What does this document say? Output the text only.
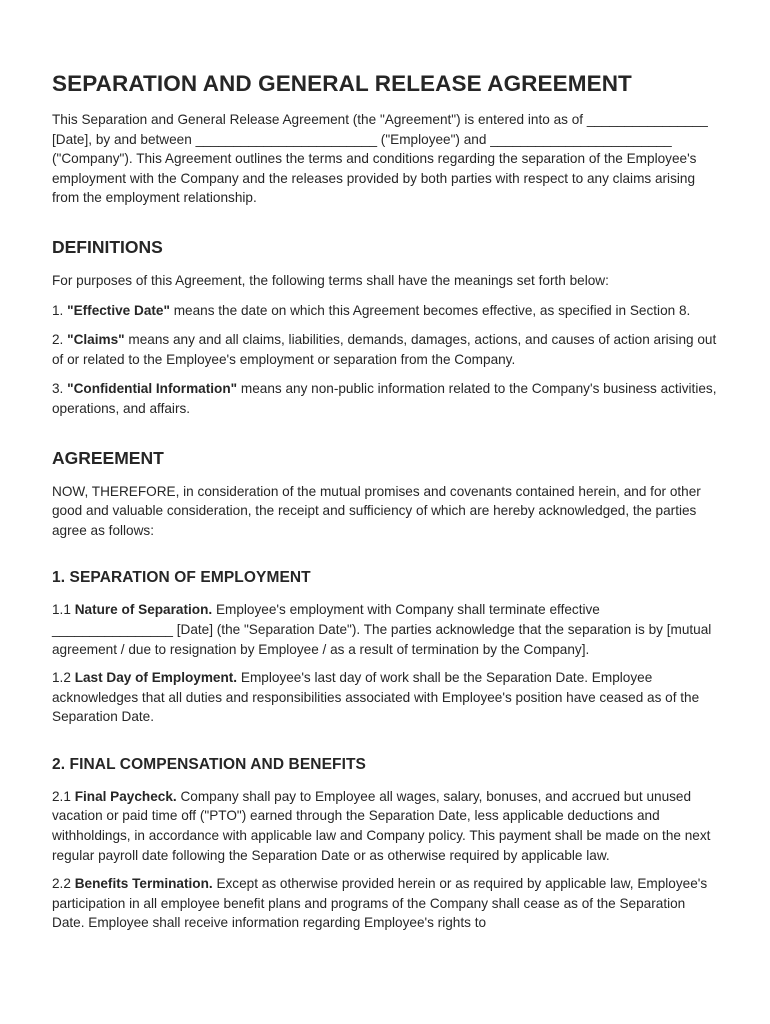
SEPARATION AND GENERAL RELEASE AGREEMENT

This Separation and General Release Agreement (the "Agreement") is entered into as of ________________ [Date], by and between ________________________ ("Employee") and ________________________ ("Company"). This Agreement outlines the terms and conditions regarding the separation of the Employee's employment with the Company and the releases provided by both parties with respect to any claims arising from the employment relationship.

DEFINITIONS

For purposes of this Agreement, the following terms shall have the meanings set forth below:

1. "Effective Date" means the date on which this Agreement becomes effective, as specified in Section 8.

2. "Claims" means any and all claims, liabilities, demands, damages, actions, and causes of action arising out of or related to the Employee's employment or separation from the Company.

3. "Confidential Information" means any non-public information related to the Company's business activities, operations, and affairs.

AGREEMENT

NOW, THEREFORE, in consideration of the mutual promises and covenants contained herein, and for other good and valuable consideration, the receipt and sufficiency of which are hereby acknowledged, the parties agree as follows:

1. SEPARATION OF EMPLOYMENT

1.1 Nature of Separation. Employee's employment with Company shall terminate effective ________________ [Date] (the "Separation Date"). The parties acknowledge that the separation is by [mutual agreement / due to resignation by Employee / as a result of termination by the Company].

1.2 Last Day of Employment. Employee's last day of work shall be the Separation Date. Employee acknowledges that all duties and responsibilities associated with Employee's position have ceased as of the Separation Date.

2. FINAL COMPENSATION AND BENEFITS

2.1 Final Paycheck. Company shall pay to Employee all wages, salary, bonuses, and accrued but unused vacation or paid time off ("PTO") earned through the Separation Date, less applicable deductions and withholdings, in accordance with applicable law and Company policy. This payment shall be made on the next regular payroll date following the Separation Date or as otherwise required by applicable law.

2.2 Benefits Termination. Except as otherwise provided herein or as required by applicable law, Employee's participation in all employee benefit plans and programs of the Company shall cease as of the Separation Date. Employee shall receive information regarding Employee's rights to
